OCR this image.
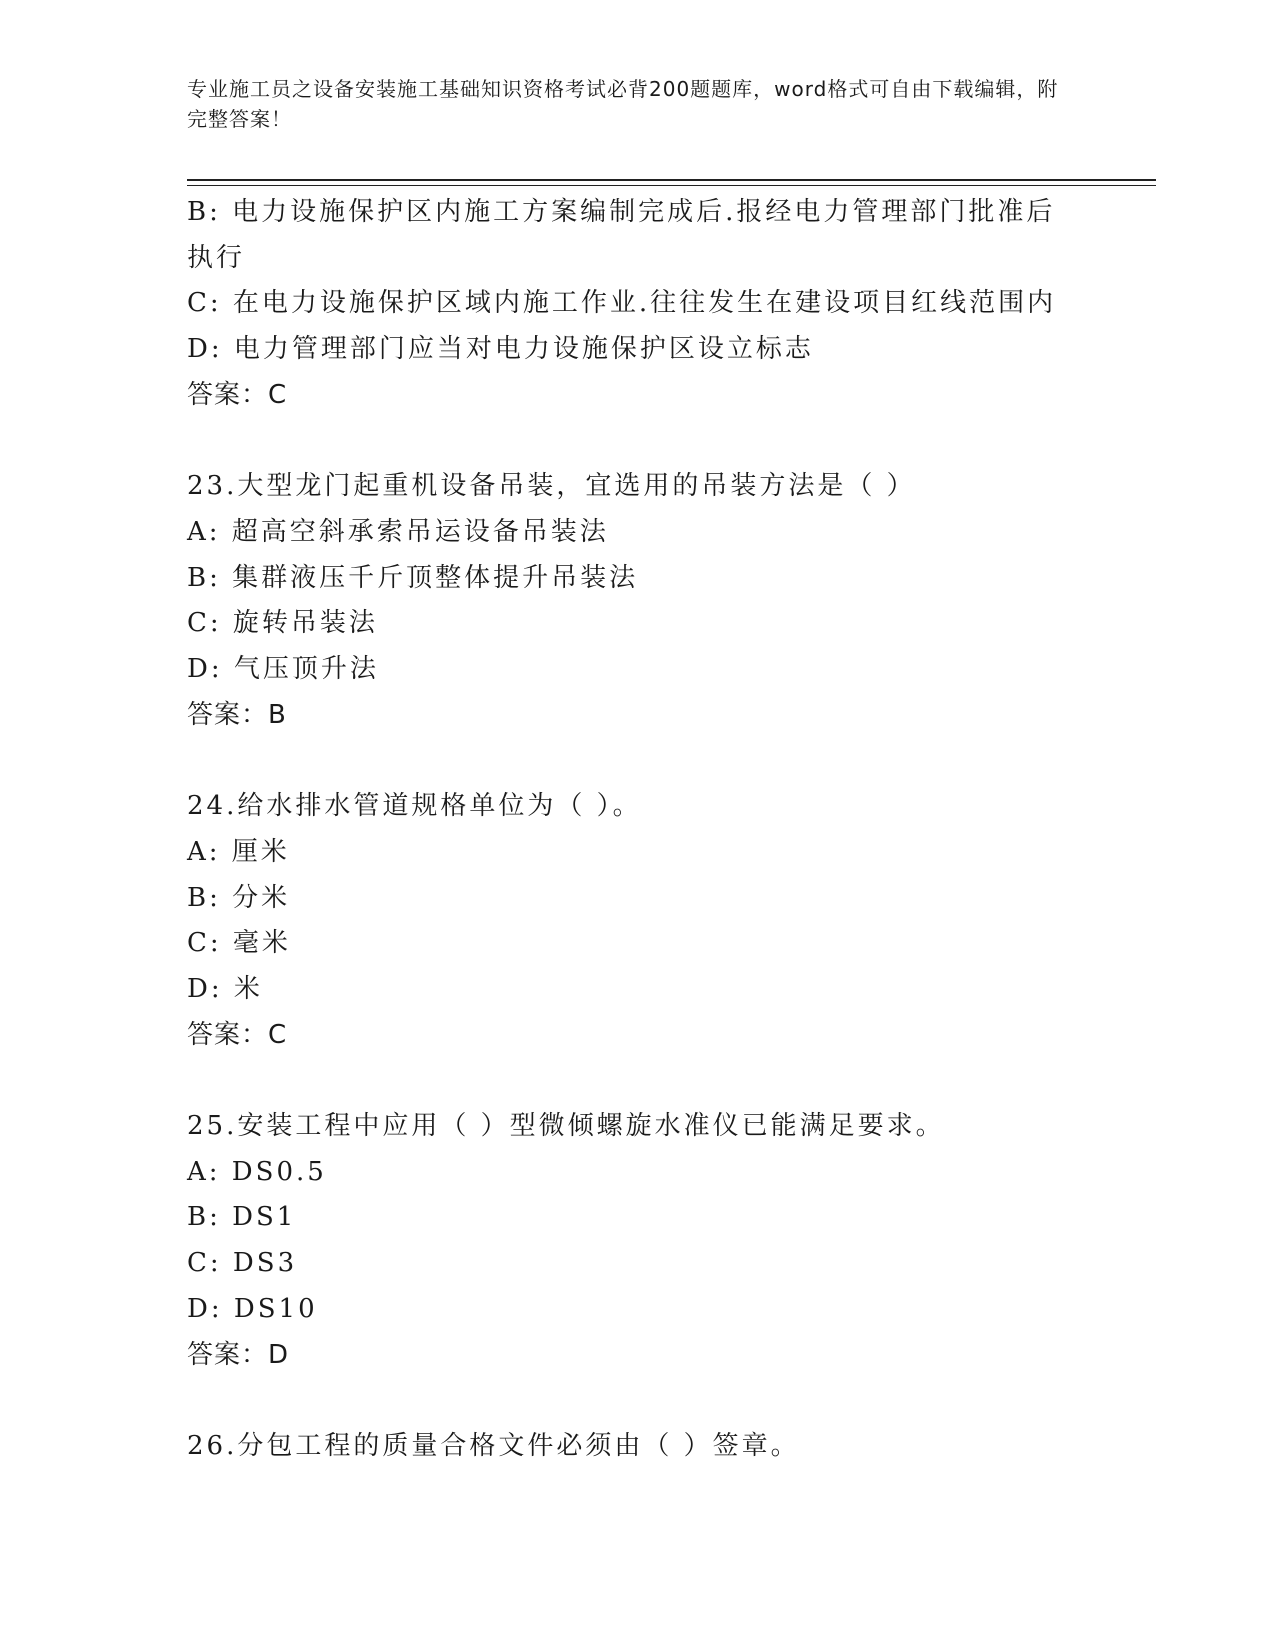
专业施工员之设备安装施工基础知识资格考试必背200题题库，word格式可自由下载编辑，附完整答案！
B: 电力设施保护区内施工方案编制完成后.报经电力管理部门批准后执行
C: 在电力设施保护区域内施工作业.往往发生在建设项目红线范围内
D: 电力管理部门应当对电力设施保护区设立标志
答案：C
23.大型龙门起重机设备吊装，宜选用的吊装方法是（ ）
A: 超高空斜承索吊运设备吊装法
B: 集群液压千斤顶整体提升吊装法
C: 旋转吊装法
D: 气压顶升法
答案：B
24.给水排水管道规格单位为（ ）。
A: 厘米
B: 分米
C: 毫米
D: 米
答案：C
25.安装工程中应用（ ）型微倾螺旋水准仪已能满足要求。
A: DS0.5
B: DS1
C: DS3
D: DS10
答案：D
26.分包工程的质量合格文件必须由（ ）签章。
